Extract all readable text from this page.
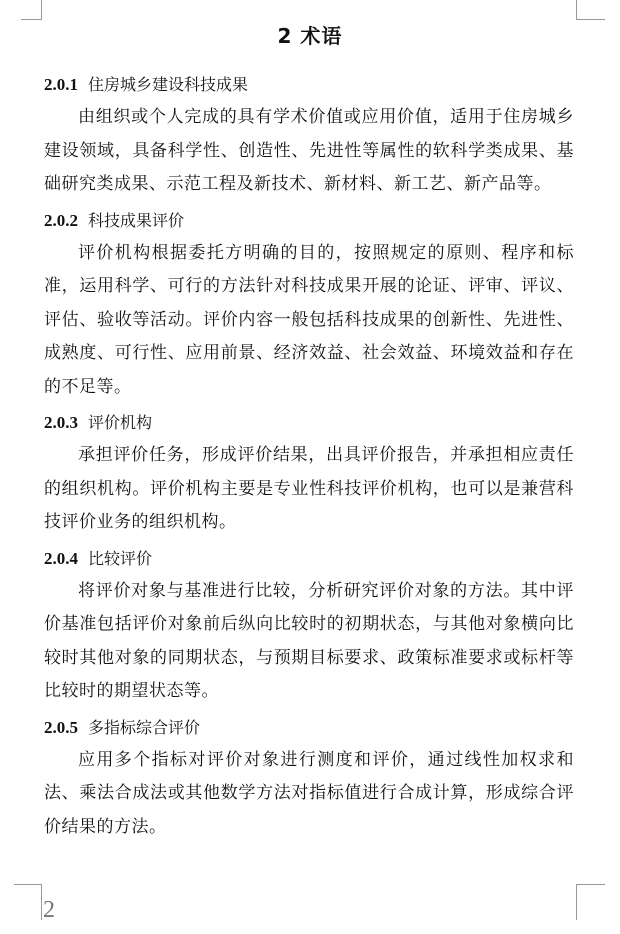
2 术语
2.0.1 住房城乡建设科技成果
由组织或个人完成的具有学术价值或应用价值，适用于住房城乡建设领域，具备科学性、创造性、先进性等属性的软科学类成果、基础研究类成果、示范工程及新技术、新材料、新工艺、新产品等。
2.0.2 科技成果评价
评价机构根据委托方明确的目的，按照规定的原则、程序和标准，运用科学、可行的方法针对科技成果开展的论证、评审、评议、评估、验收等活动。评价内容一般包括科技成果的创新性、先进性、成熟度、可行性、应用前景、经济效益、社会效益、环境效益和存在的不足等。
2.0.3 评价机构
承担评价任务，形成评价结果，出具评价报告，并承担相应责任的组织机构。评价机构主要是专业性科技评价机构，也可以是兼营科技评价业务的组织机构。
2.0.4 比较评价
将评价对象与基准进行比较，分析研究评价对象的方法。其中评价基准包括评价对象前后纵向比较时的初期状态，与其他对象横向比较时其他对象的同期状态，与预期目标要求、政策标准要求或标杆等比较时的期望状态等。
2.0.5 多指标综合评价
应用多个指标对评价对象进行测度和评价，通过线性加权求和法、乘法合成法或其他数学方法对指标值进行合成计算，形成综合评价结果的方法。
2
